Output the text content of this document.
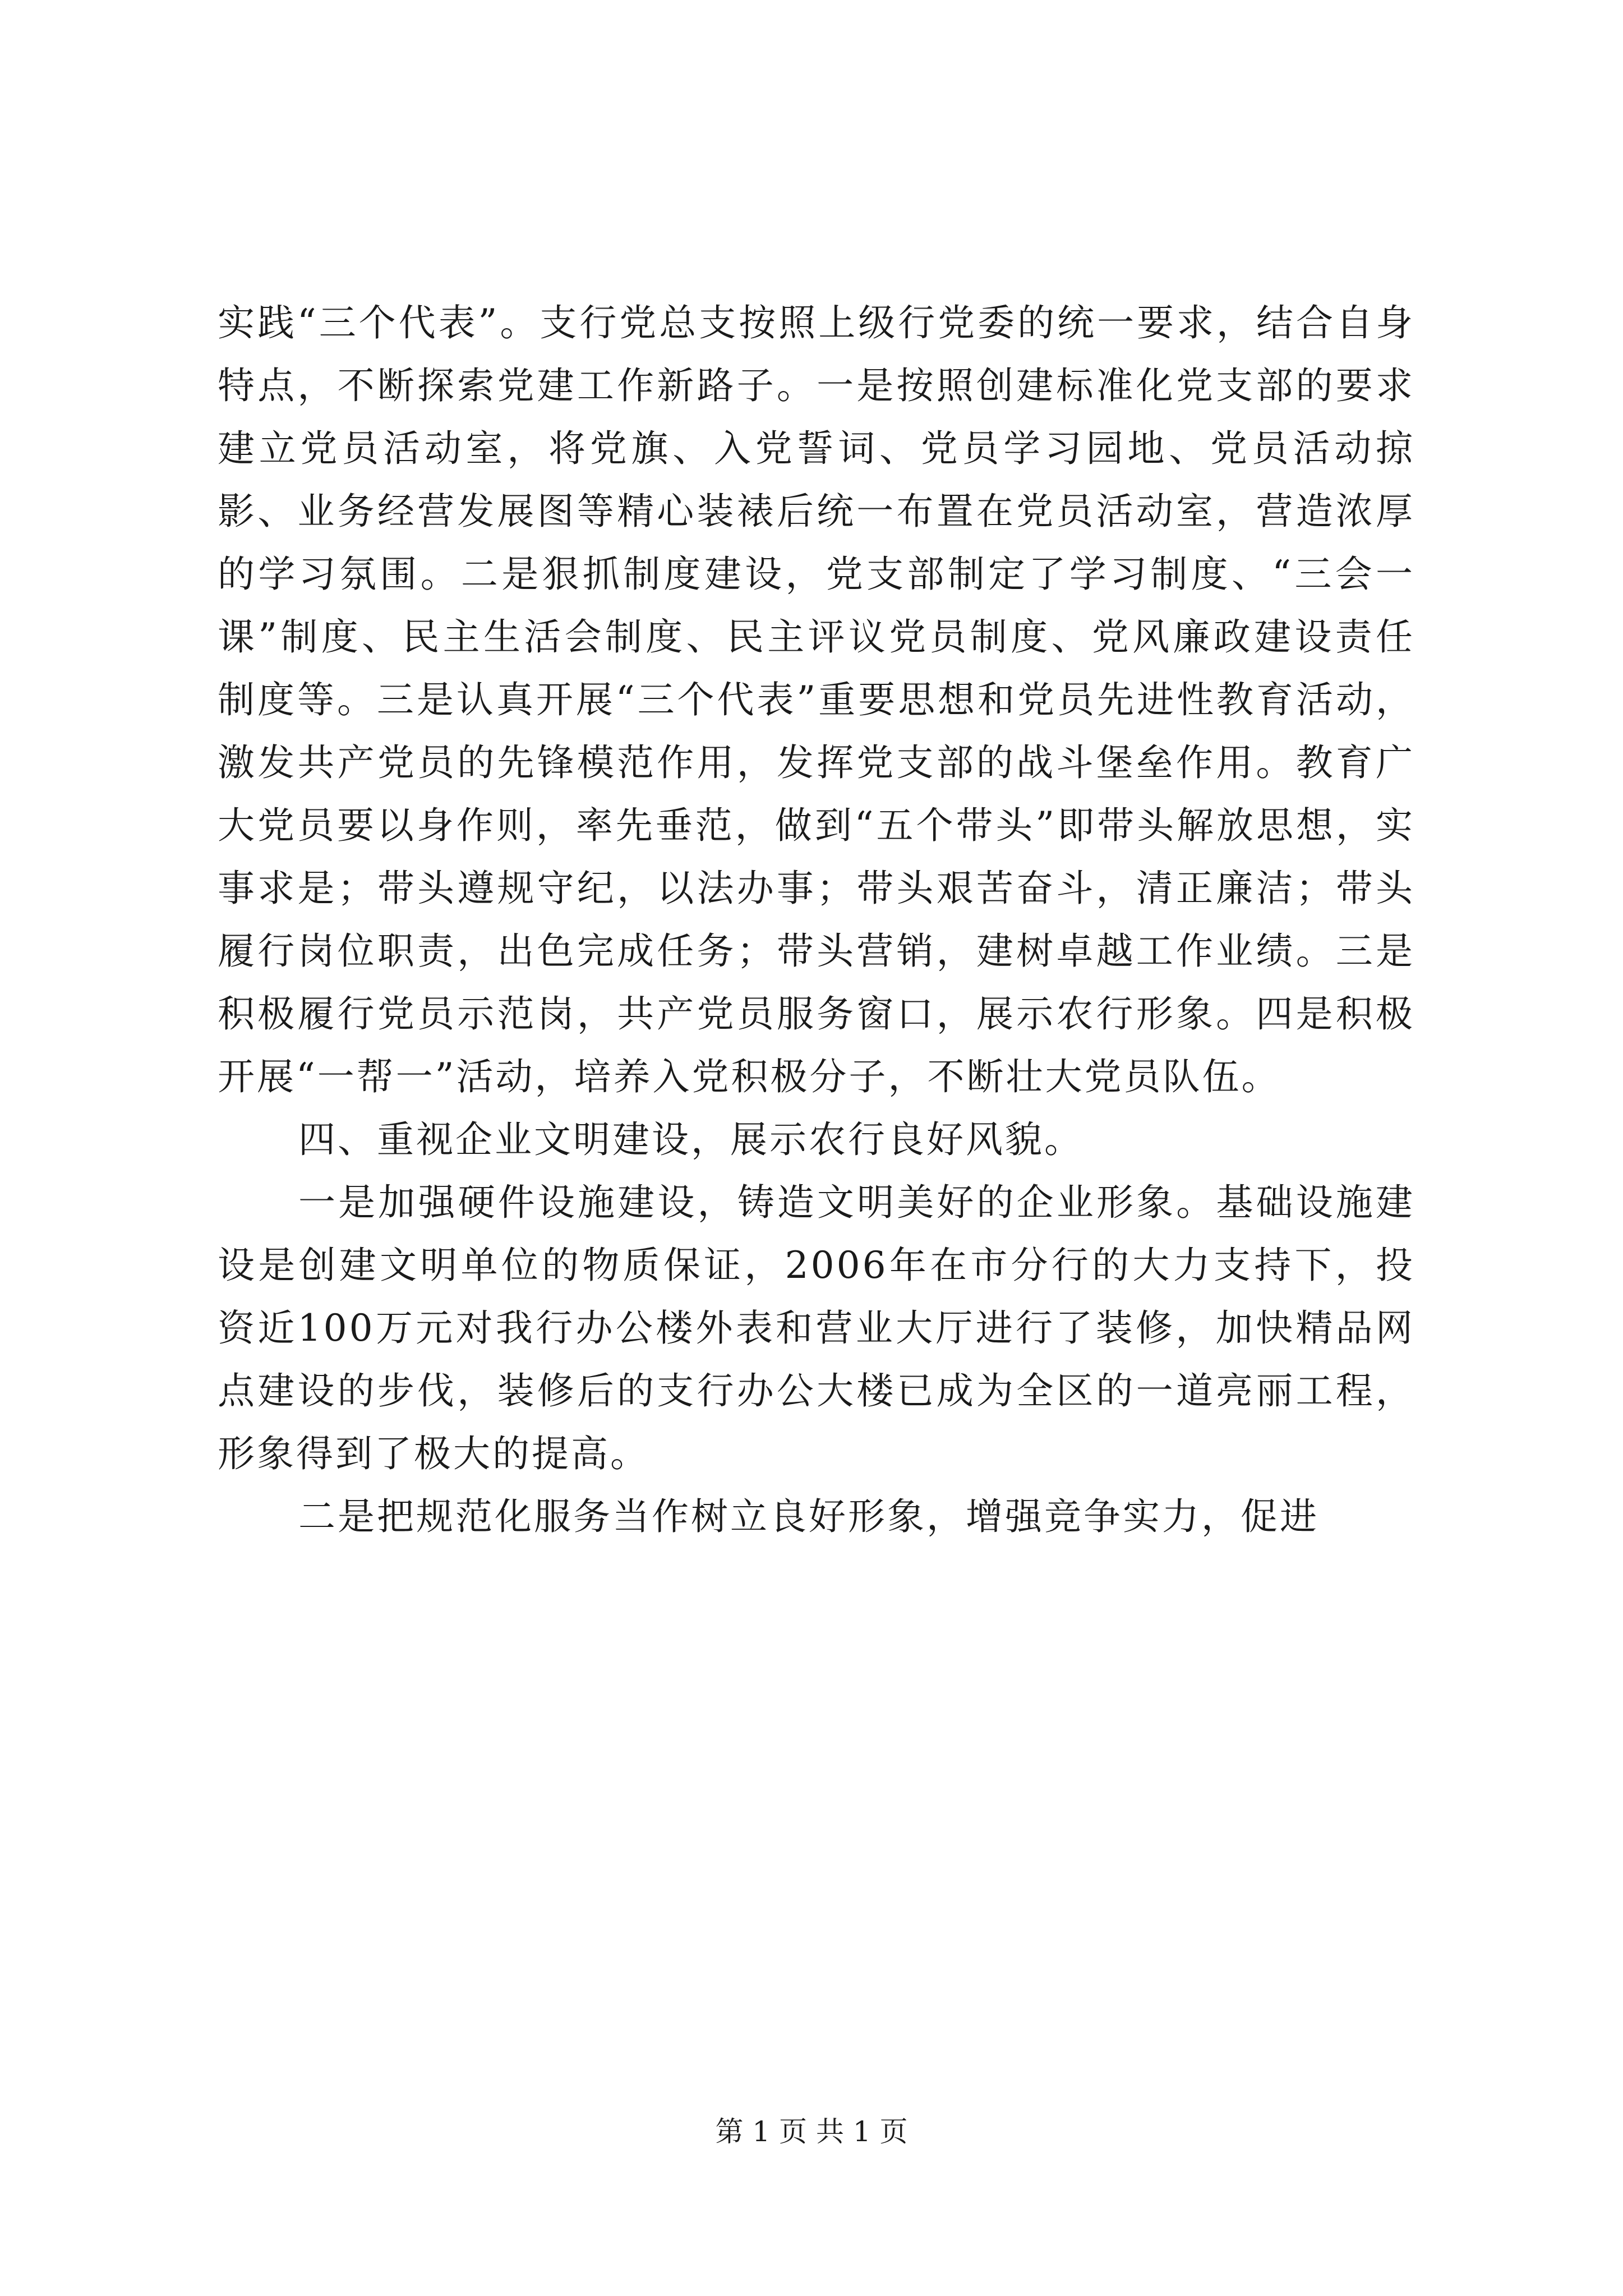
实践“三个代表”。支行党总支按照上级行党委的统一要求，结合自身特点，不断探索党建工作新路子。一是按照创建标准化党支部的要求建立党员活动室，将党旗、入党誓词、党员学习园地、党员活动掠影、业务经营发展图等精心装裱后统一布置在党员活动室，营造浓厚的学习氛围。二是狠抓制度建设，党支部制定了学习制度、“三会一课”制度、民主生活会制度、民主评议党员制度、党风廉政建设责任制度等。三是认真开展“三个代表”重要思想和党员先进性教育活动，激发共产党员的先锋模范作用，发挥党支部的战斗堡垒作用。教育广大党员要以身作则，率先垂范，做到“五个带头”即带头解放思想，实事求是；带头遵规守纪，以法办事；带头艰苦奋斗，清正廉洁；带头履行岗位职责，出色完成任务；带头营销，建树卓越工作业绩。三是积极履行党员示范岗，共产党员服务窗口，展示农行形象。四是积极开展“一帮一”活动，培养入党积极分子，不断壮大党员队伍。

四、重视企业文明建设，展示农行良好风貌。

一是加强硬件设施建设，铸造文明美好的企业形象。基础设施建设是创建文明单位的物质保证，2006年在市分行的大力支持下，投资近100万元对我行办公楼外表和营业大厅进行了装修，加快精品网点建设的步伐，装修后的支行办公大楼已成为全区的一道亮丽工程，形象得到了极大的提高。

二是把规范化服务当作树立良好形象，增强竞争实力，促进

第 1 页 共 1 页
